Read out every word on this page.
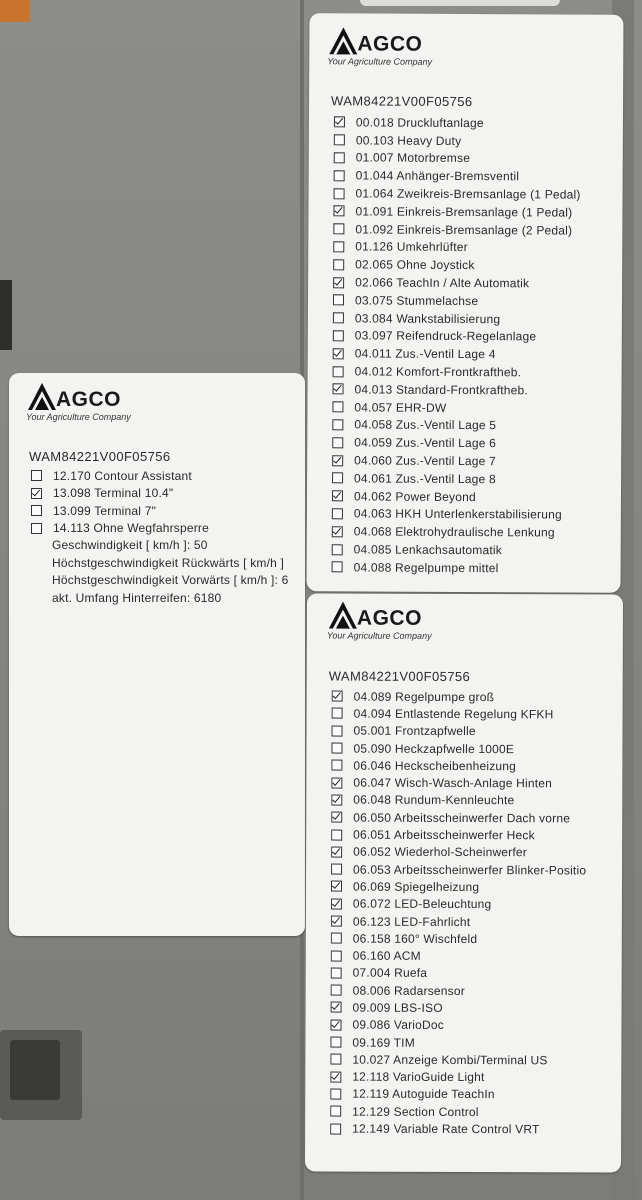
AGCO
Your Agriculture Company
WAM84221V00F05756
00.018 Druckluftanlage
00.103 Heavy Duty
01.007 Motorbremse
01.044 Anhänger-Bremsventil
01.064 Zweikreis-Bremsanlage (1 Pedal)
01.091 Einkreis-Bremsanlage (1 Pedal)
01.092 Einkreis-Bremsanlage (2 Pedal)
01.126 Umkehrlüfter
02.065 Ohne Joystick
02.066 TeachIn / Alte Automatik
03.075 Stummelachse
03.084 Wankstabilisierung
03.097 Reifendruck-Regelanlage
04.011 Zus.-Ventil Lage 4
04.012 Komfort-Frontkraftheb.
04.013 Standard-Frontkraftheb.
04.057 EHR-DW
04.058 Zus.-Ventil Lage 5
04.059 Zus.-Ventil Lage 6
04.060 Zus.-Ventil Lage 7
04.061 Zus.-Ventil Lage 8
04.062 Power Beyond
04.063 HKH Unterlenkerstabilisierung
04.068 Elektrohydraulische Lenkung
04.085 Lenkachsautomatik
04.088 Regelpumpe mittel
AGCO
Your Agriculture Company
WAM84221V00F05756
12.170 Contour Assistant
13.098 Terminal 10.4"
13.099 Terminal 7"
14.113 Ohne Wegfahrsperre
Geschwindigkeit [ km/h ]: 50
Höchstgeschwindigkeit Rückwärts [ km/h ]
Höchstgeschwindigkeit Vorwärts [ km/h ]: 6
akt. Umfang Hinterreifen: 6180
AGCO
Your Agriculture Company
WAM84221V00F05756
04.089 Regelpumpe groß
04.094 Entlastende Regelung KFKH
05.001 Frontzapfwelle
05.090 Heckzapfwelle 1000E
06.046 Heckscheibenheizung
06.047 Wisch-Wasch-Anlage Hinten
06.048 Rundum-Kennleuchte
06.050 Arbeitsscheinwerfer Dach vorne
06.051 Arbeitsscheinwerfer Heck
06.052 Wiederhol-Scheinwerfer
06.053 Arbeitsscheinwerfer Blinker-Positio
06.069 Spiegelheizung
06.072 LED-Beleuchtung
06.123 LED-Fahrlicht
06.158 160° Wischfeld
06.160 ACM
07.004 Ruefa
08.006 Radarsensor
09.009 LBS-ISO
09.086 VarioDoc
09.169 TIM
10.027 Anzeige Kombi/Terminal US
12.118 VarioGuide Light
12.119 Autoguide TeachIn
12.129 Section Control
12.149 Variable Rate Control VRT
